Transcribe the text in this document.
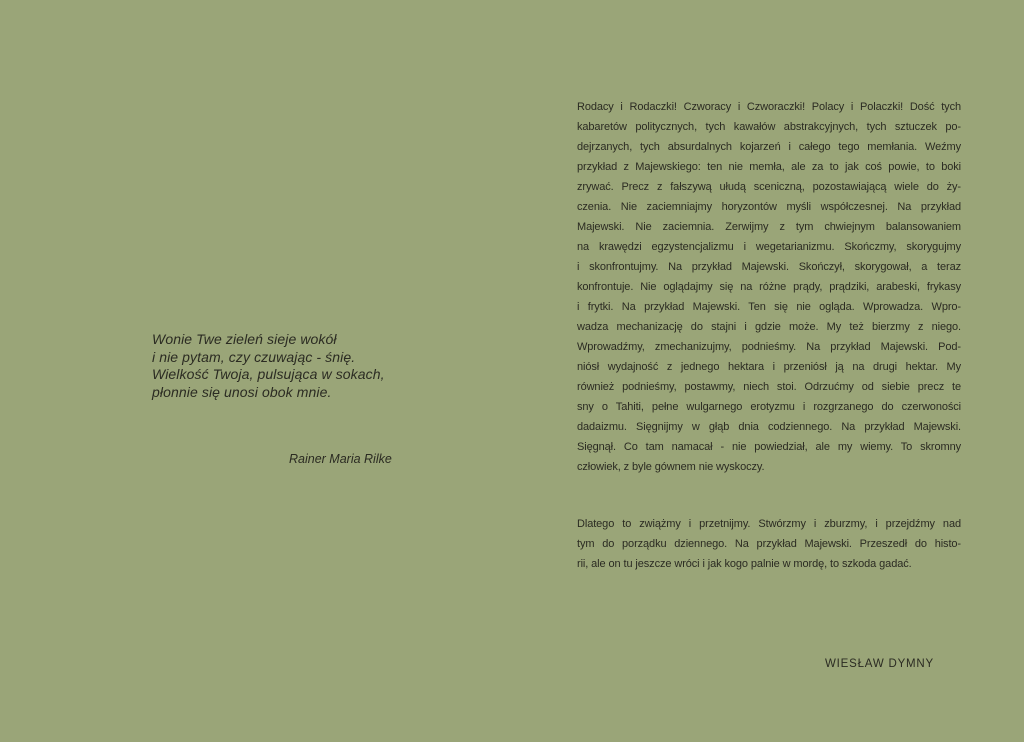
Wonie Twe zieleń sieje wokół
i nie pytam, czy czuwając - śnię.
Wielkość Twoja, pulsująca w sokach,
płonnie się unosi obok mnie.
Rainer Maria Rilke
Rodacy i Rodaczki! Czworacy i Czworaczki! Polacy i Polaczki! Dość tych
kabaretów politycznych, tych kawałów abstrakcyjnych, tych sztuczek po-
dejrzanych, tych absurdalnych kojarzeń i całego tego memłania. Weźmy
przykład z Majewskiego: ten nie memła, ale za to jak coś powie, to boki
zrywać. Precz z fałszywą ułudą sceniczną, pozostawiającą wiele do ży-
czenia. Nie zaciemniajmy horyzontów myśli współczesnej. Na przykład
Majewski. Nie zaciemnia. Zerwijmy z tym chwiejnym balansowaniem
na krawędzi egzystencjalizmu i wegetarianizmu. Skończmy, skorygujmy
i skonfrontujmy. Na przykład Majewski. Skończył, skorygował, a teraz
konfrontuje. Nie oglądajmy się na różne prądy, prądziki, arabeski, frykasy
i frytki. Na przykład Majewski. Ten się nie ogląda. Wprowadza. Wpro-
wadza mechanizację do stajni i gdzie może. My też bierzmy z niego.
Wprowadźmy, zmechanizujmy, podnieśmy. Na przykład Majewski. Pod-
niósł wydajność z jednego hektara i przeniósł ją na drugi hektar. My
również podnieśmy, postawmy, niech stoi. Odrzućmy od siebie precz te
sny o Tahiti, pełne wulgarnego erotyzmu i rozgrzanego do czerwoności
dadaizmu. Sięgnijmy w głąb dnia codziennego. Na przykład Majewski.
Sięgnął. Co tam namacał - nie powiedział, ale my wiemy. To skromny
człowiek, z byle gównem nie wyskoczy.
Dlatego to zwiążmy i przetnijmy. Stwórzmy i zburzmy, i przejdźmy nad
tym do porządku dziennego. Na przykład Majewski. Przeszedł do histo-
rii, ale on tu jeszcze wróci i jak kogo palnie w mordę, to szkoda gadać.
WIESŁAW DYMNY
